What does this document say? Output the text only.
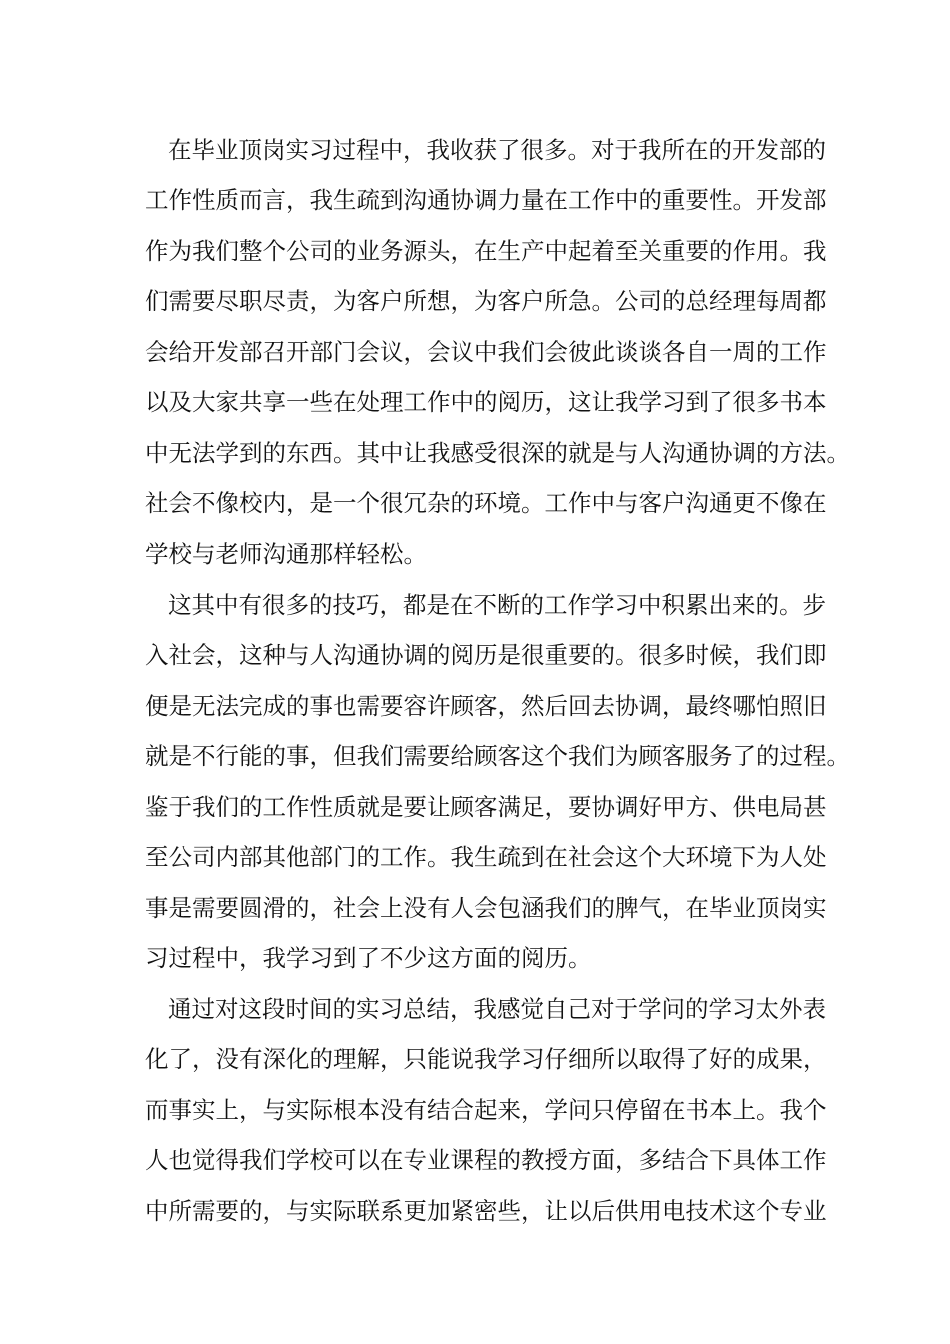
在毕业顶岗实习过程中，我收获了很多。对于我所在的开发部的
工作性质而言，我生疏到沟通协调力量在工作中的重要性。开发部
作为我们整个公司的业务源头，在生产中起着至关重要的作用。我
们需要尽职尽责，为客户所想，为客户所急。公司的总经理每周都
会给开发部召开部门会议，会议中我们会彼此谈谈各自一周的工作
以及大家共享一些在处理工作中的阅历，这让我学习到了很多书本
中无法学到的东西。其中让我感受很深的就是与人沟通协调的方法。
社会不像校内，是一个很冗杂的环境。工作中与客户沟通更不像在
学校与老师沟通那样轻松。
这其中有很多的技巧，都是在不断的工作学习中积累出来的。步
入社会，这种与人沟通协调的阅历是很重要的。很多时候，我们即
便是无法完成的事也需要容许顾客，然后回去协调，最终哪怕照旧
就是不行能的事，但我们需要给顾客这个我们为顾客服务了的过程。
鉴于我们的工作性质就是要让顾客满足，要协调好甲方、供电局甚
至公司内部其他部门的工作。我生疏到在社会这个大环境下为人处
事是需要圆滑的，社会上没有人会包涵我们的脾气，在毕业顶岗实
习过程中，我学习到了不少这方面的阅历。
通过对这段时间的实习总结，我感觉自己对于学问的学习太外表
化了，没有深化的理解，只能说我学习仔细所以取得了好的成果，
而事实上，与实际根本没有结合起来，学问只停留在书本上。我个
人也觉得我们学校可以在专业课程的教授方面，多结合下具体工作
中所需要的，与实际联系更加紧密些，让以后供用电技术这个专业
